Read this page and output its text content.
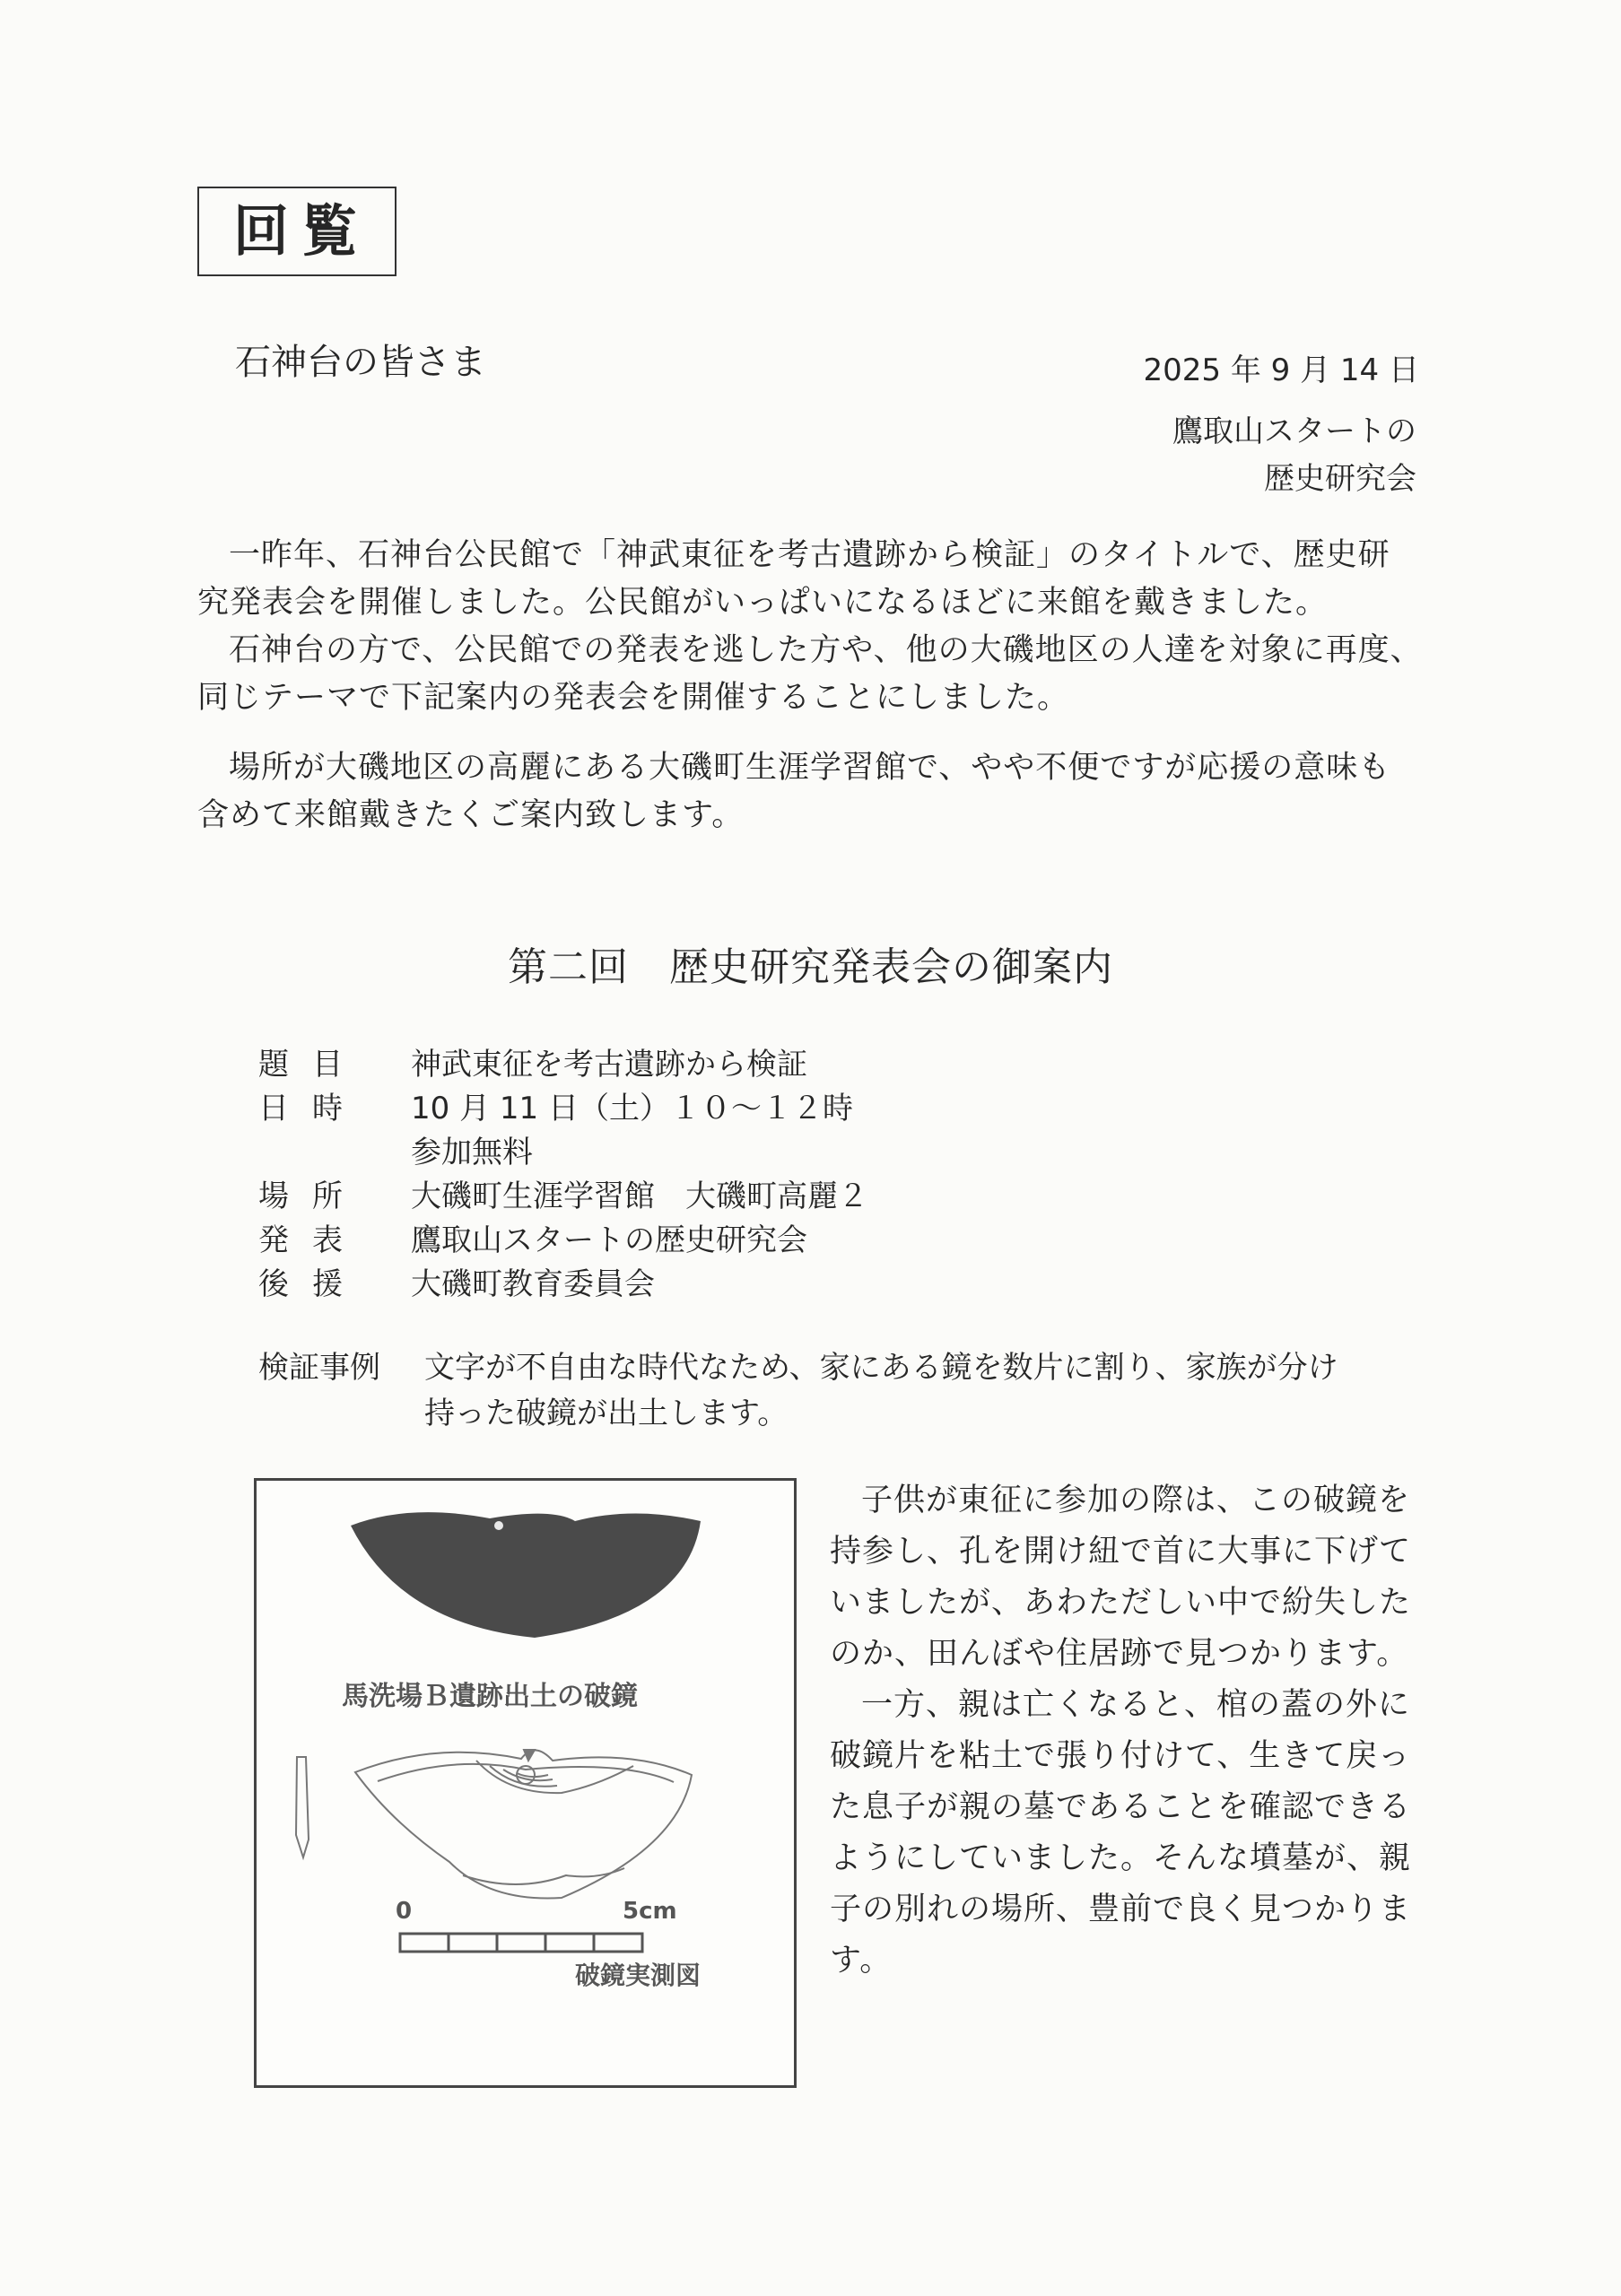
回覧
石神台の皆さま	2025 年 9 月 14 日
鷹取山スタートの
歴史研究会
一昨年、石神台公民館で「神武東征を考古遺跡から検証」のタイトルで、歴史研
究発表会を開催しました。公民館がいっぱいになるほどに来館を戴きました。
石神台の方で、公民館での発表を逃した方や、他の大磯地区の人達を対象に再度、
同じテーマで下記案内の発表会を開催することにしました。
場所が大磯地区の高麗にある大磯町生涯学習館で、やや不便ですが応援の意味も
含めて来館戴きたくご案内致します。
第二回　歴史研究発表会の御案内
題目	神武東征を考古遺跡から検証
日時	10 月 11 日（土）１０～１２時
参加無料
場所	大磯町生涯学習館　大磯町高麗２
発表	鷹取山スタートの歴史研究会
後援	大磯町教育委員会
検証事例	文字が不自由な時代なため、家にある鏡を数片に割り、家族が分け
持った破鏡が出土します。
馬洗場Ｂ遺跡出土の破鏡
0	5cm
破鏡実測図
子供が東征に参加の際は、この破鏡を
持参し、孔を開け紐で首に大事に下げて
いましたが、あわただしい中で紛失した
のか、田んぼや住居跡で見つかります。
一方、親は亡くなると、棺の蓋の外に
破鏡片を粘土で張り付けて、生きて戻っ
た息子が親の墓であることを確認できる
ようにしていました。そんな墳墓が、親
子の別れの場所、豊前で良く見つかりま
す。
